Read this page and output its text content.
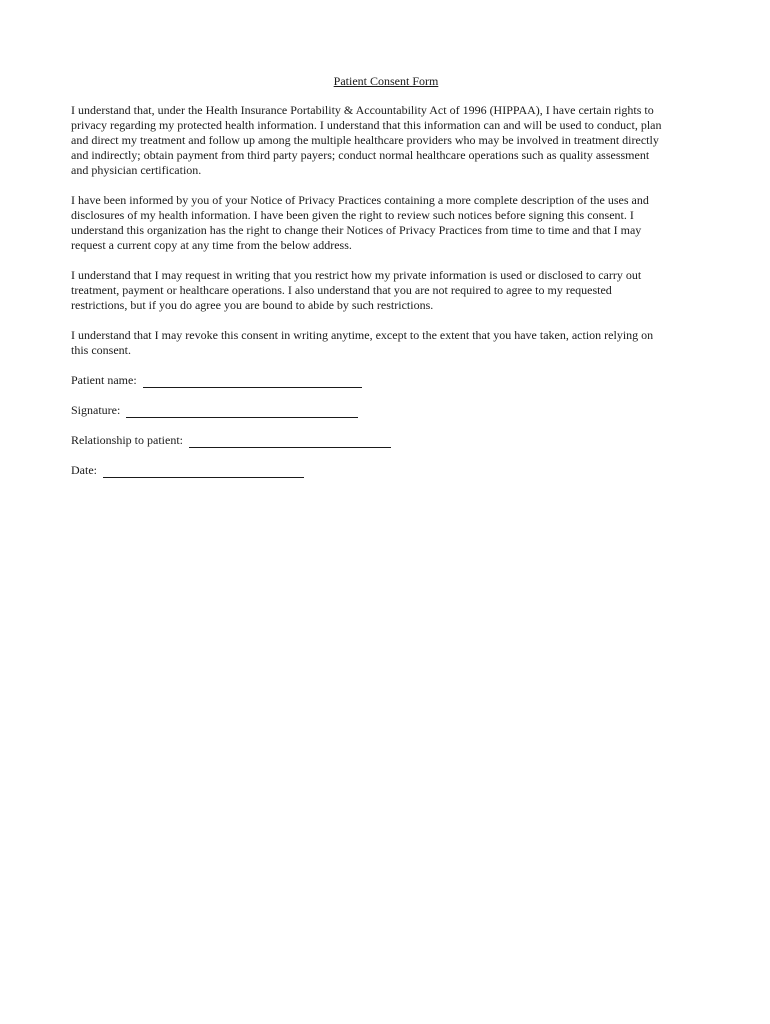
Patient Consent Form
I understand that, under the Health Insurance Portability & Accountability Act of 1996 (HIPPAA), I have certain rights to
privacy regarding my protected health information. I understand that this information can and will be used to conduct, plan
and direct my treatment and follow up among the multiple healthcare providers who may be involved in treatment directly
and indirectly; obtain payment from third party payers; conduct normal healthcare operations such as quality assessment
and physician certification.
I have been informed by you of your Notice of Privacy Practices containing a more complete description of the uses and
disclosures of my health information. I have been given the right to review such notices before signing this consent. I
understand this organization has the right to change their Notices of Privacy Practices from time to time and that I may
request a current copy at any time from the below address.
I understand that I may request in writing that you restrict how my private information is used or disclosed to carry out
treatment, payment or healthcare operations. I also understand that you are not required to agree to my requested
restrictions, but if you do agree you are bound to abide by such restrictions.
I understand that I may revoke this consent in writing anytime, except to the extent that you have taken, action relying on
this consent.
Patient name:
Signature:
Relationship to patient:
Date:
